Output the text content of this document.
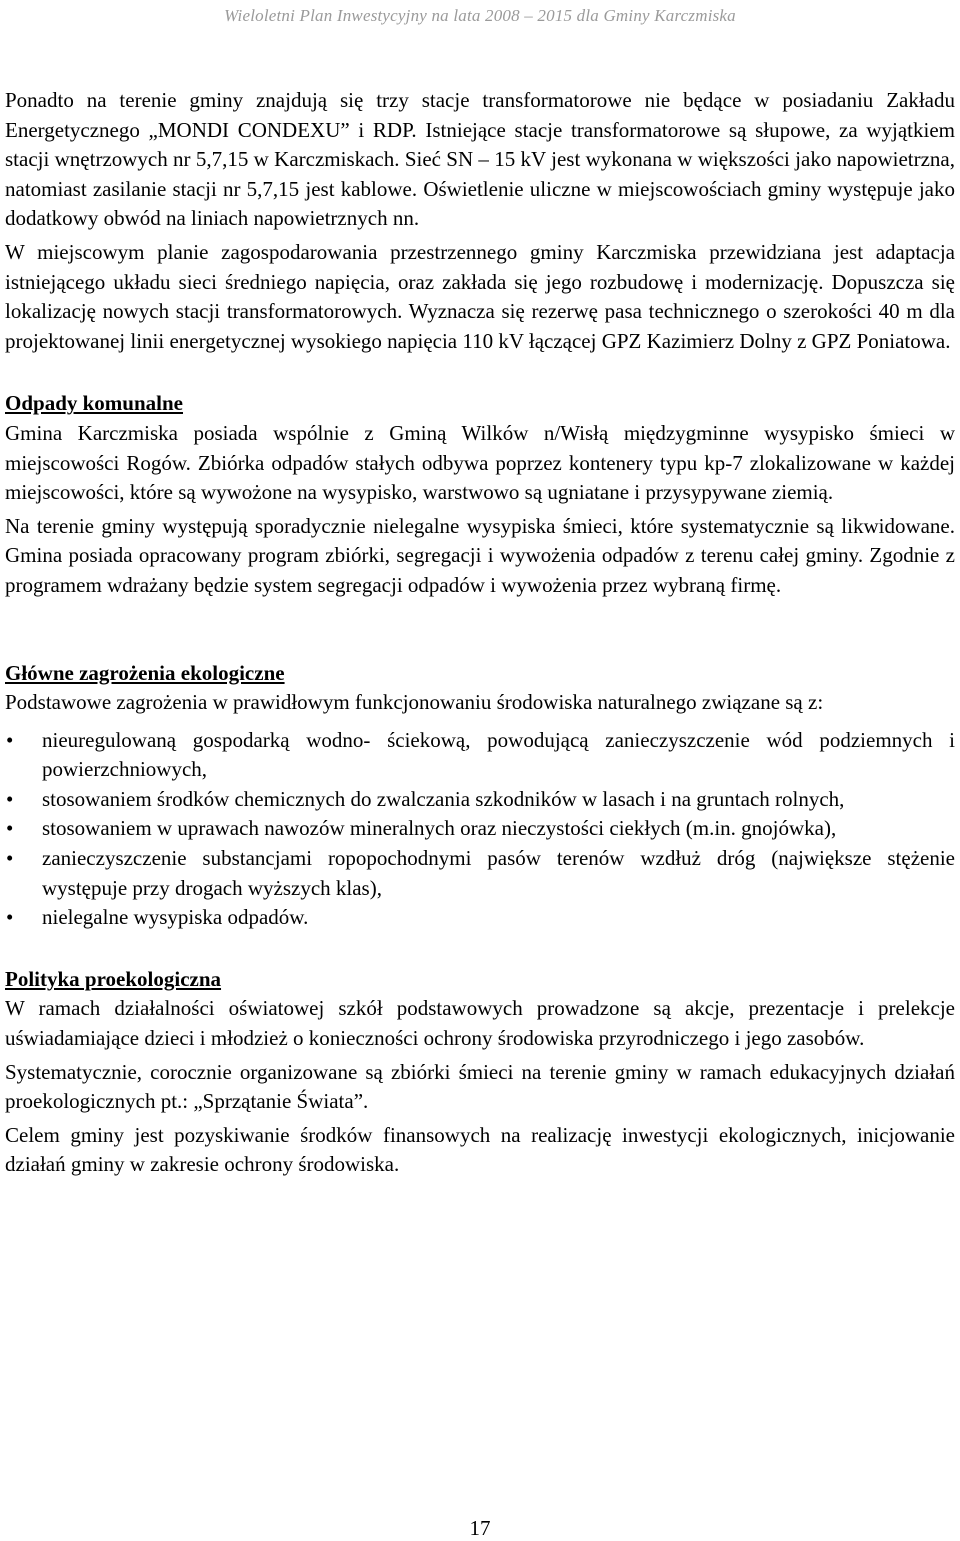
Wieloletni Plan Inwestycyjny na lata 2008 – 2015 dla Gminy Karczmiska

Ponadto na terenie gminy znajdują się trzy stacje transformatorowe nie będące w posiadaniu Zakładu Energetycznego „MONDI CONDEXU” i RDP. Istniejące stacje transformatorowe są słupowe, za wyjątkiem stacji wnętrzowych nr 5,7,15 w Karczmiskach. Sieć SN – 15 kV jest wykonana w większości jako napowietrzna, natomiast zasilanie stacji nr 5,7,15 jest kablowe. Oświetlenie uliczne w miejscowościach gminy występuje jako dodatkowy obwód na liniach napowietrznych nn.

W miejscowym planie zagospodarowania przestrzennego gminy Karczmiska przewidziana jest adaptacja istniejącego układu sieci średniego napięcia, oraz zakłada się jego rozbudowę i modernizację. Dopuszcza się lokalizację nowych stacji transformatorowych. Wyznacza się rezerwę pasa technicznego o szerokości 40 m dla projektowanej linii energetycznej wysokiego napięcia 110 kV łączącej GPZ Kazimierz Dolny z GPZ Poniatowa.

Odpady komunalne

Gmina Karczmiska posiada wspólnie z Gminą Wilków n/Wisłą międzygminne wysypisko śmieci w miejscowości Rogów. Zbiórka odpadów stałych odbywa poprzez kontenery typu kp-7 zlokalizowane w każdej miejscowości, które są wywożone na wysypisko, warstwowo są ugniatane i przysypywane ziemią.

Na terenie gminy występują sporadycznie nielegalne wysypiska śmieci, które systematycznie są likwidowane. Gmina posiada opracowany program zbiórki, segregacji i wywożenia odpadów z terenu całej gminy. Zgodnie z programem wdrażany będzie system segregacji odpadów i wywożenia przez wybraną firmę.

Główne zagrożenia ekologiczne

Podstawowe zagrożenia w prawidłowym funkcjonowaniu środowiska naturalnego związane są z:

• nieuregulowaną gospodarką wodno- ściekową, powodującą zanieczyszczenie wód podziemnych i powierzchniowych,
• stosowaniem środków chemicznych do zwalczania szkodników w lasach i na gruntach rolnych,
• stosowaniem w uprawach nawozów mineralnych oraz nieczystości ciekłych (m.in. gnojówka),
• zanieczyszczenie substancjami ropopochodnymi pasów terenów wzdłuż dróg (największe stężenie występuje przy drogach wyższych klas),
• nielegalne wysypiska odpadów.

Polityka proekologiczna

W ramach działalności oświatowej szkół podstawowych prowadzone są akcje, prezentacje i prelekcje uświadamiające dzieci i młodzież o konieczności ochrony środowiska przyrodniczego i jego zasobów.

Systematycznie, corocznie organizowane są zbiórki śmieci na terenie gminy w ramach edukacyjnych działań proekologicznych pt.: „Sprzątanie Świata”.

Celem gminy jest pozyskiwanie środków finansowych na realizację inwestycji ekologicznych, inicjowanie działań gminy w zakresie ochrony środowiska.

17
